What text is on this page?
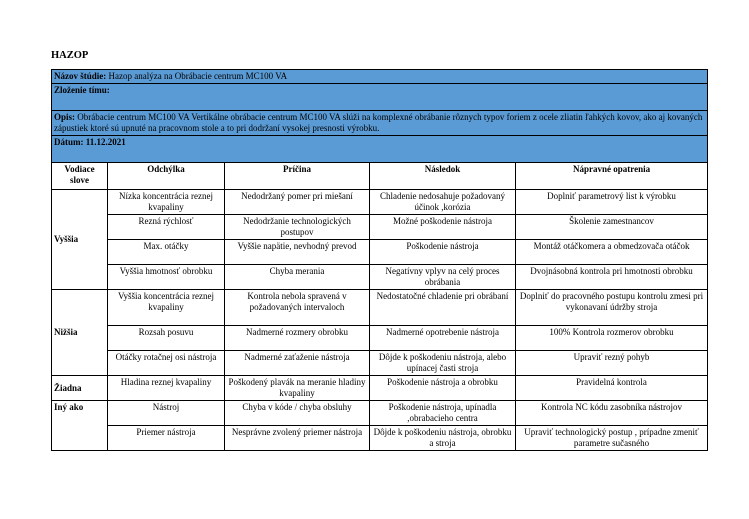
HAZOP
Názov štúdie: Hazop analýza na Obrábacie centrum MC100 VA				
Zloženie tímu:				
Opis: Obrábacie centrum MC100 VA Vertikálne obrábacie centrum MC100 VA slúži na komplexné obrábanie rôznych typov foriem z ocele zliatin ľahkých kovov, ako aj kovaných zápustiek ktoré sú upnuté na pracovnom stole a to pri dodržaní vysokej presnosti výrobku.				
Dátum: 11.12.2021				
Vodiace slove	Odchýlka	Príčina	Následok	Nápravné opatrenia
Vyššia	Nízka koncentrácia reznej kvapaliny	Nedodržaný pomer pri miešaní	Chladenie nedosahuje požadovaný účinok ,korózia	Doplniť parametrový list k výrobku
	Rezná rýchlosť	Nedodržanie technologických postupov	Možné poškodenie nástroja	Školenie zamestnancov
	Max. otáčky	Vyššie napätie, nevhodný prevod	Poškodenie nástroja	Montáž otáčkomera a obmedzovača otáčok
	Vyššia hmotnosť obrobku	Chyba merania	Negatívny vplyv na celý proces obrábania	Dvojnásobná kontrola pri hmotnosti obrobku
Nižšia	Vyššia koncentrácia reznej kvapaliny	Kontrola nebola spravená v požadovaných intervaloch	Nedostatočné chladenie pri obrábaní	Doplniť do pracovného postupu kontrolu zmesi pri vykonavaní údržby stroja
	Rozsah posuvu	Nadmerné rozmery obrobku	Nadmerné opotrebenie nástroja	100% Kontrola rozmerov obrobku
	Otáčky rotačnej osi nástroja	Nadmerné zaťaženie nástroja	Dôjde k poškodeniu nástroja, alebo upínacej časti stroja	Upraviť rezný pohyb
Žiadna	Hladina reznej kvapaliny	Poškodený plavák na meranie hladiny kvapaliny	Poškodenie nástroja a obrobku	Pravidelná kontrola
Iný ako	Nástroj	Chyba v kóde / chyba obsluhy	Poškodenie nástroja, upínadla ,obrabacieho centra	Kontrola NC kódu zasobníka nástrojov
	Priemer nástroja	Nesprávne zvolený priemer nástroja	Dôjde k poškodeniu nástroja, obrobku a stroja	Upraviť technologický postup , prípadne zmeniť parametre sučasného
